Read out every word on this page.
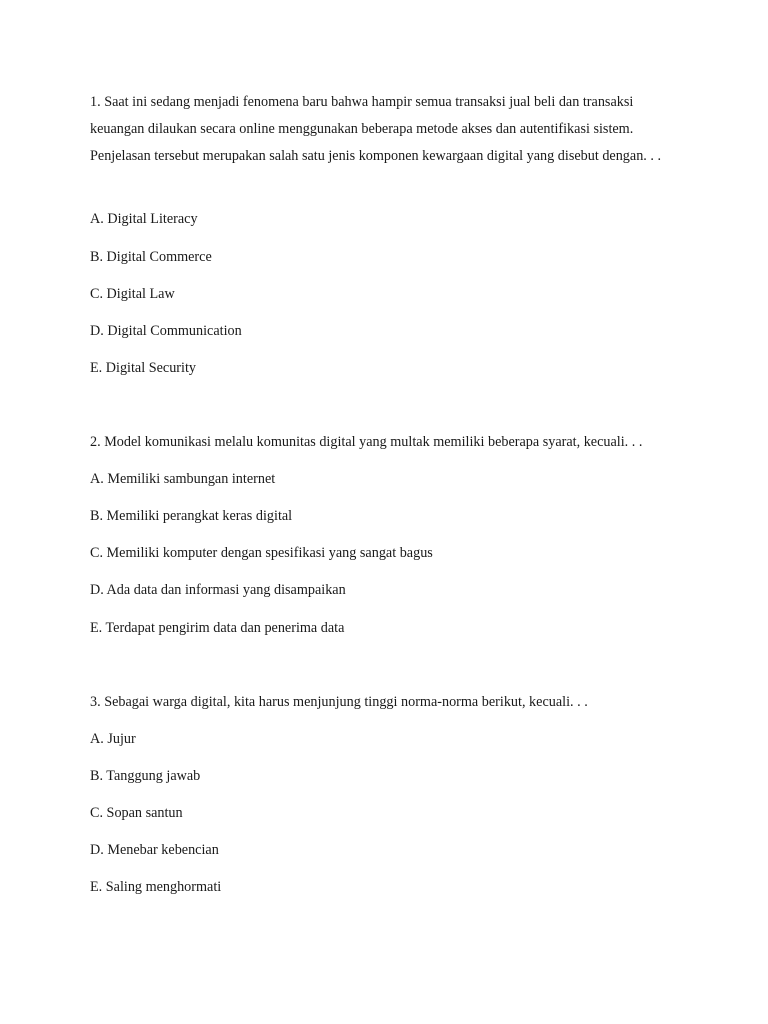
1. Saat ini sedang menjadi fenomena baru bahwa hampir semua transaksi jual beli dan transaksi keuangan dilaukan secara online menggunakan beberapa metode akses dan autentifikasi sistem. Penjelasan tersebut merupakan salah satu jenis komponen kewargaan digital yang disebut dengan. . .

A. Digital Literacy

B. Digital Commerce

C. Digital Law

D. Digital Communication

E. Digital Security

2. Model komunikasi melalu komunitas digital yang multak memiliki beberapa syarat, kecuali. . .

A. Memiliki sambungan internet

B. Memiliki perangkat keras digital

C. Memiliki komputer dengan spesifikasi yang sangat bagus

D. Ada data dan informasi yang disampaikan

E. Terdapat pengirim data dan penerima data

3. Sebagai warga digital, kita harus menjunjung tinggi norma-norma berikut, kecuali. . .

A. Jujur

B. Tanggung jawab

C. Sopan santun

D. Menebar kebencian

E. Saling menghormati
